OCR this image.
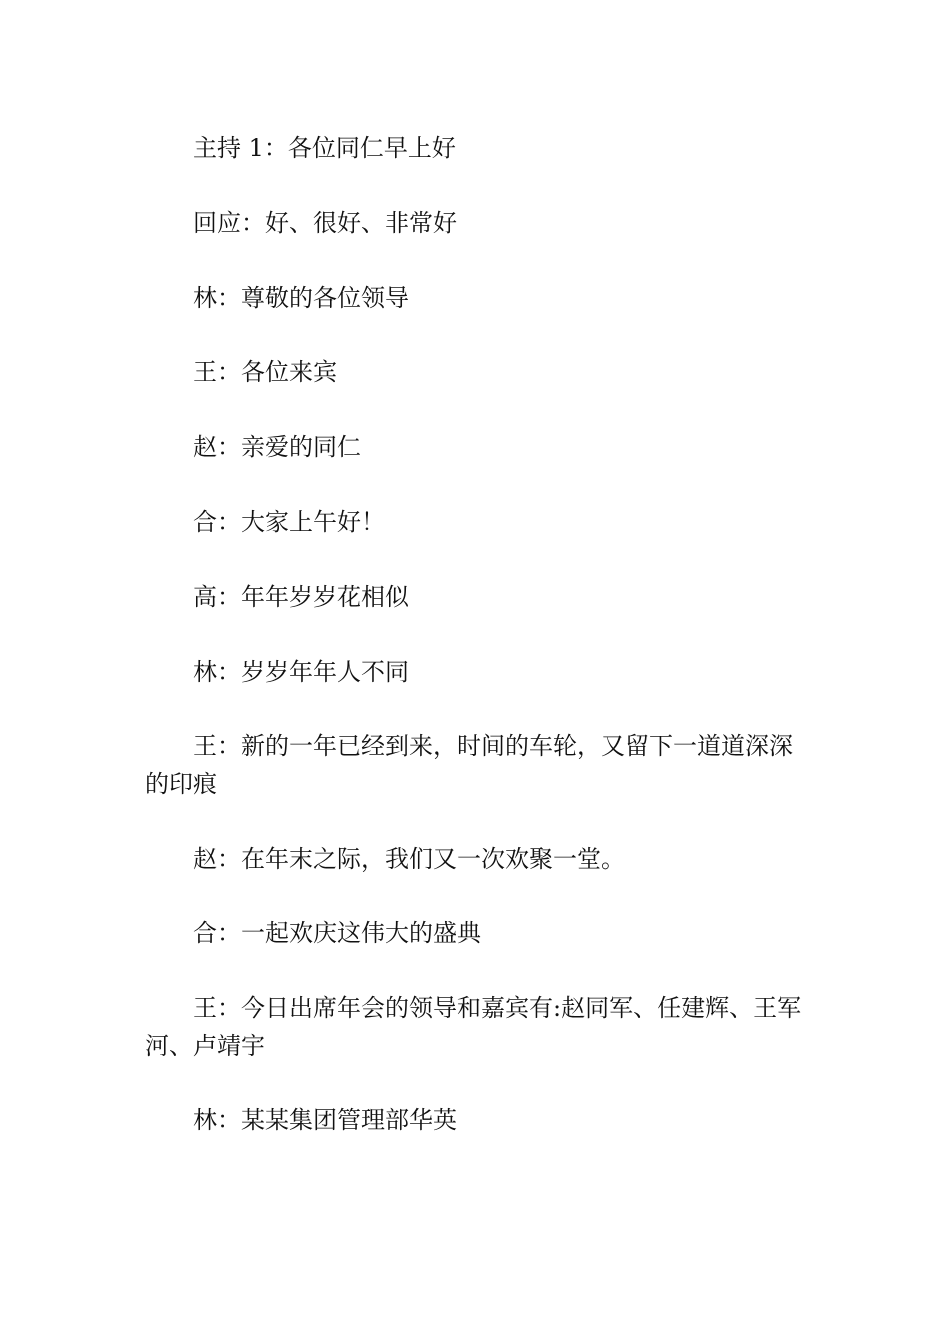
主持 1：各位同仁早上好

回应：好、很好、非常好

林：尊敬的各位领导

王：各位来宾

赵：亲爱的同仁

合：大家上午好！

高：年年岁岁花相似

林：岁岁年年人不同

王：新的一年已经到来，时间的车轮，又留下一道道深深的印痕

赵：在年末之际，我们又一次欢聚一堂。

合：一起欢庆这伟大的盛典

王：今日出席年会的领导和嘉宾有:赵同军、任建辉、王军河、卢靖宇

林：某某集团管理部华英
